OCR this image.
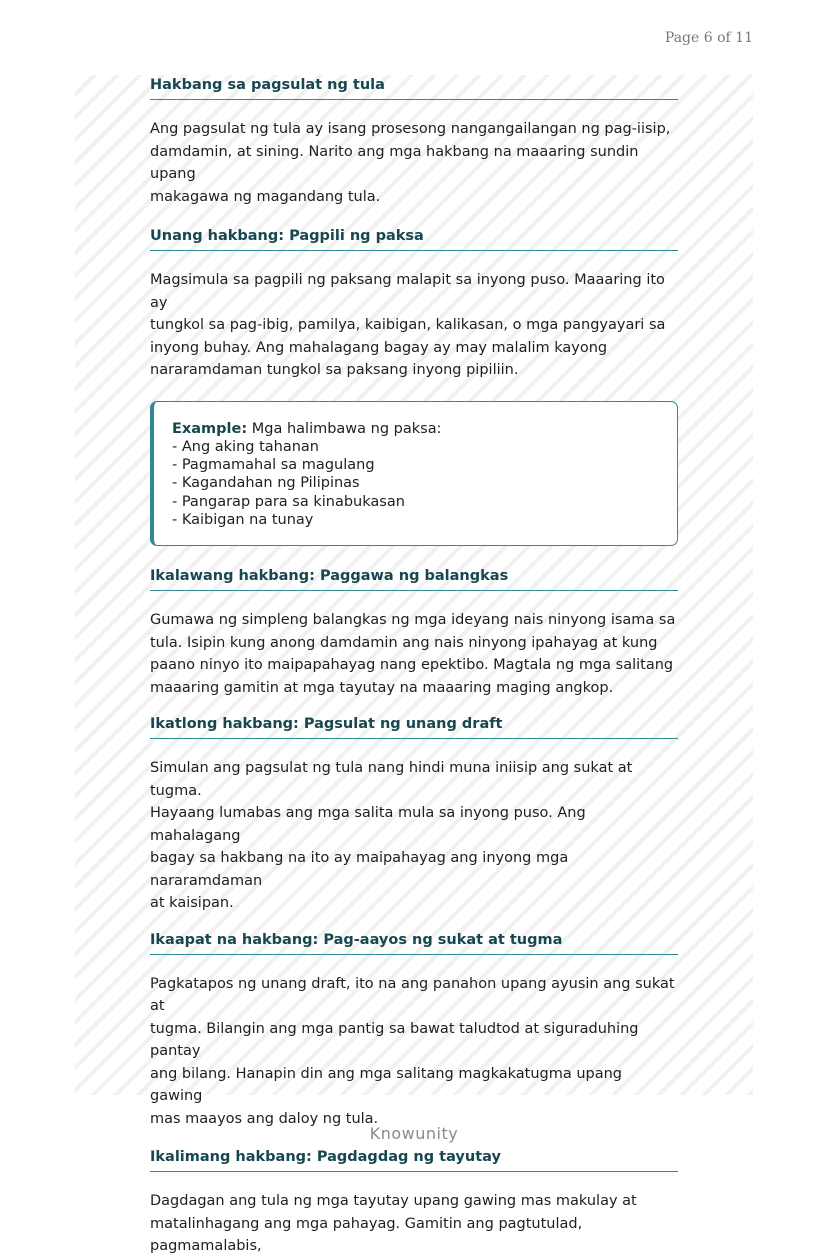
Page 6 of 11
Hakbang sa pagsulat ng tula

Ang pagsulat ng tula ay isang prosesong nangangailangan ng pag-iisip,
damdamin, at sining. Narito ang mga hakbang na maaaring sundin upang
makagawa ng magandang tula.

Unang hakbang: Pagpili ng paksa

Magsimula sa pagpili ng paksang malapit sa inyong puso. Maaaring ito ay
tungkol sa pag-ibig, pamilya, kaibigan, kalikasan, o mga pangyayari sa
inyong buhay. Ang mahalagang bagay ay may malalim kayong
nararamdaman tungkol sa paksang inyong pipiliin.

Example: Mga halimbawa ng paksa:
- Ang aking tahanan
- Pagmamahal sa magulang
- Kagandahan ng Pilipinas
- Pangarap para sa kinabukasan
- Kaibigan na tunay
Ikalawang hakbang: Paggawa ng balangkas

Gumawa ng simpleng balangkas ng mga ideyang nais ninyong isama sa
tula. Isipin kung anong damdamin ang nais ninyong ipahayag at kung
paano ninyo ito maipapahayag nang epektibo. Magtala ng mga salitang
maaaring gamitin at mga tayutay na maaaring maging angkop.

Ikatlong hakbang: Pagsulat ng unang draft

Simulan ang pagsulat ng tula nang hindi muna iniisip ang sukat at tugma.
Hayaang lumabas ang mga salita mula sa inyong puso. Ang mahalagang
bagay sa hakbang na ito ay maipahayag ang inyong mga nararamdaman
at kaisipan.

Ikaapat na hakbang: Pag-aayos ng sukat at tugma

Pagkatapos ng unang draft, ito na ang panahon upang ayusin ang sukat at
tugma. Bilangin ang mga pantig sa bawat taludtod at siguraduhing pantay
ang bilang. Hanapin din ang mga salitang magkakatugma upang gawing
mas maayos ang daloy ng tula.

Ikalimang hakbang: Pagdagdag ng tayutay

Dagdagan ang tula ng mga tayutay upang gawing mas makulay at
matalinhagang ang mga pahayag. Gamitin ang pagtutulad, pagmamalabis,

Knowunity
